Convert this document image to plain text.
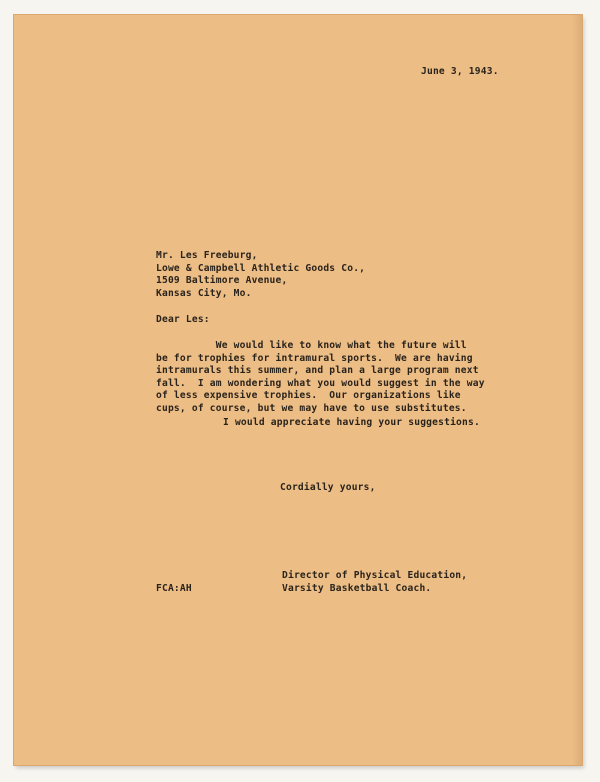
June 3, 1943.
Mr. Les Freeburg,
Lowe & Campbell Athletic Goods Co.,
1509 Baltimore Avenue,
Kansas City, Mo.
Dear Les:
We would like to know what the future will
be for trophies for intramural sports.  We are having
intramurals this summer, and plan a large program next
fall.  I am wondering what you would suggest in the way
of less expensive trophies.  Our organizations like
cups, of course, but we may have to use substitutes.
I would appreciate having your suggestions.
Cordially yours,
Director of Physical Education,
Varsity Basketball Coach.
FCA:AH
